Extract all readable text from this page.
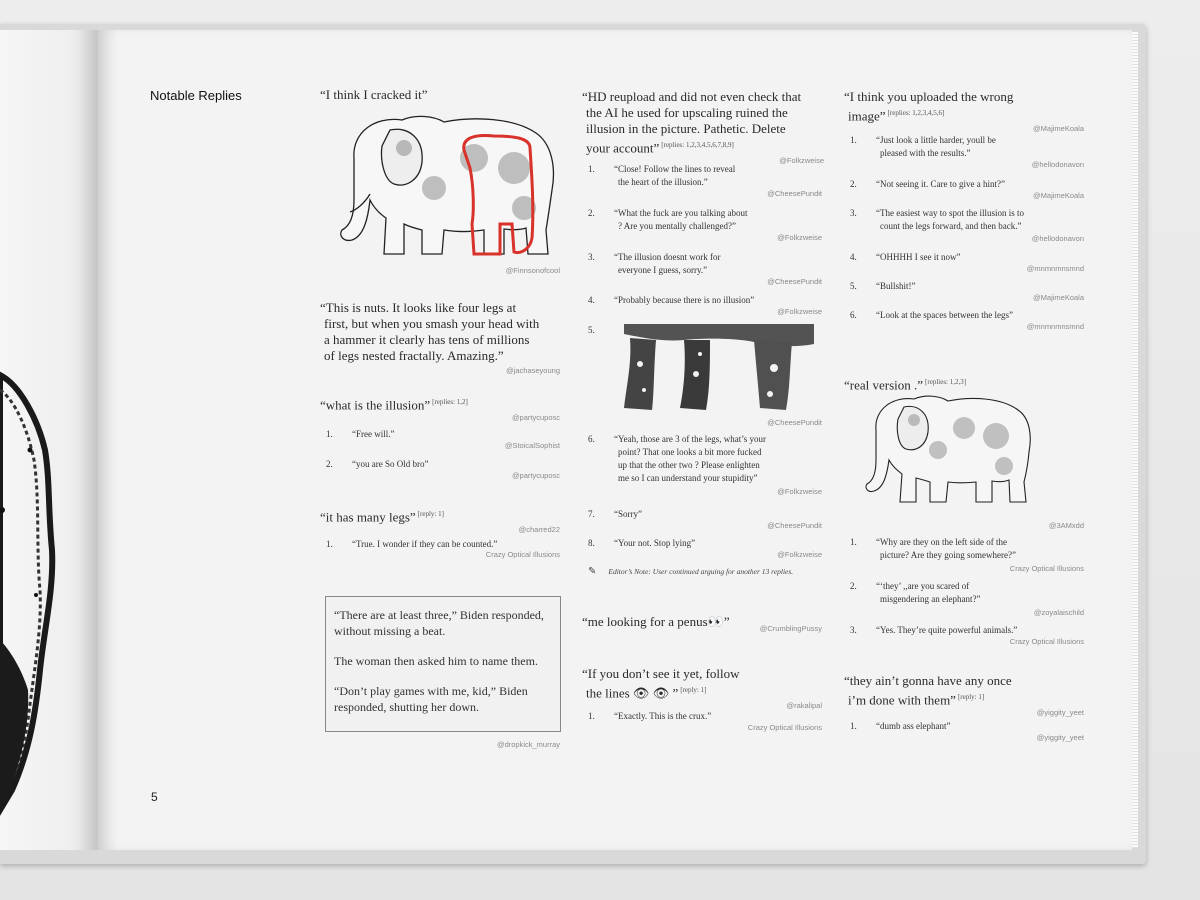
Notable Replies
5
“I think I cracked it”
@Finnsonofcool
“This is nuts. It looks like four legs at
first, but when you smash your head with
a hammer it clearly has tens of millions
of legs nested fractally. Amazing.”
@jachaseyoung
“what is the illusion” [replies: 1,2]
@partycuposc
1. “Free will.”
@StoicalSophist
2. “you are So Old bro”
@partycuposc
“it has many legs” [reply: 1]
@charred22
1. “True. I wonder if they can be counted.”
Crazy Optical Illusions

“There are at least three,” Biden responded, without missing a beat.

The woman then asked him to name them.

“Don’t play games with me, kid,” Biden responded, shutting her down.

@dropkick_murray
“HD reupload and did not even check that
the AI he used for upscaling ruined the
illusion in the picture. Pathetic. Delete
your account” [replies: 1,2,3,4,5,6,7,8,9]
@Folkzweise
1. “Close! Follow the lines to reveal
the heart of the illusion.”
@CheesePundit
2. “What the fuck are you talking about
? Are you mentally challenged?”
@Folkzweise
3. “The illusion doesnt work for
everyone I guess, sorry.”
@CheesePundit
4. “Probably because there is no illusion”
@Folkzweise
5.
@CheesePundit
6. “Yeah, those are 3 of the legs, what’s your
point? That one looks a bit more fucked
up that the other two ? Please enlighten
me so I can understand your stupidity”
@Folkzweise
7. “Sorry”
@CheesePundit
8. “Your not. Stop lying”
@Folkzweise
✎ Editor’s Note: User continued arguing for another 13 replies.
“me looking for a penus👀”	@CrumblingPussy
“If you don’t see it yet, follow
the lines 👁 👁 ” [reply: 1]
@rakalipal
1. “Exactly. This is the crux.”
Crazy Optical Illusions
“I think you uploaded the wrong
image” [replies: 1,2,3,4,5,6]
@MajimeKoala
1. “Just look a little harder, youll be
pleased with the results.”
@hellodonavon
2. “Not seeing it. Care to give a hint?”
@MajimeKoala
3. “The easiest way to spot the illusion is to
count the legs forward, and then back.”
@hellodonavon
4. “OHHHH I see it now”
@mnmnmnsmnd
5. “Bullshit!”
@MajimeKoala
6. “Look at the spaces between the legs”
@mnmnmnsmnd
“real version .” [replies: 1,2,3]
@3AMxdd
1. “Why are they on the left side of the
picture? Are they going somewhere?”
Crazy Optical Illusions
2. “‘they’ ,,are you scared of
misgendering an elephant?”
@zoyalaischild
3. “Yes. They’re quite powerful animals.”
Crazy Optical Illusions
“they ain’t gonna have any once
i’m done with them” [reply: 1]
@yiggity_yeet
1. “dumb ass elephant”
@yiggity_yeet
